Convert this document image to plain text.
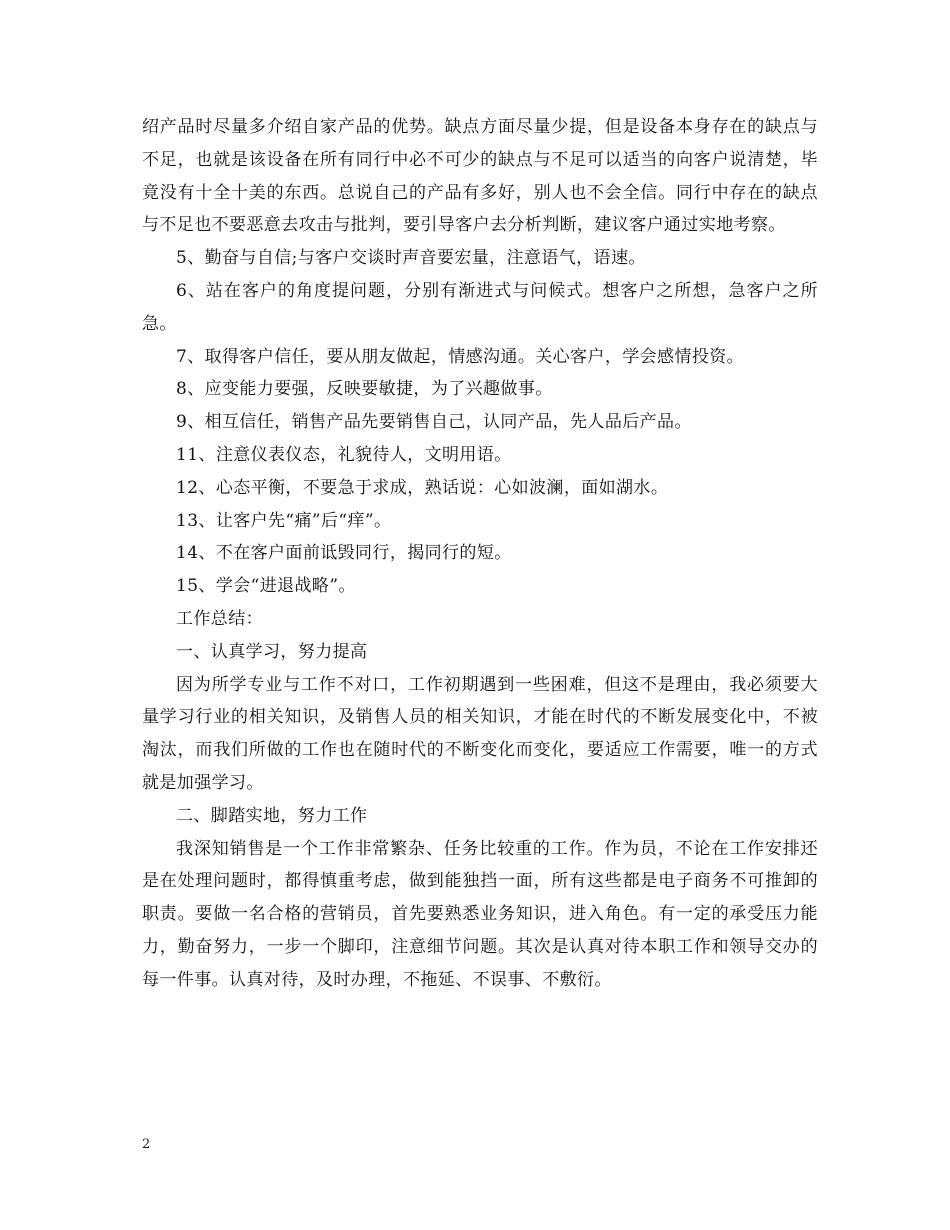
绍产品时尽量多介绍自家产品的优势。缺点方面尽量少提，但是设备本身存在的缺点与不足，也就是该设备在所有同行中必不可少的缺点与不足可以适当的向客户说清楚，毕竟没有十全十美的东西。总说自己的产品有多好，别人也不会全信。同行中存在的缺点与不足也不要恶意去攻击与批判，要引导客户去分析判断，建议客户通过实地考察。

5、勤奋与自信;与客户交谈时声音要宏量，注意语气，语速。

6、站在客户的角度提问题，分别有渐进式与问候式。想客户之所想，急客户之所急。

7、取得客户信任，要从朋友做起，情感沟通。关心客户，学会感情投资。

8、应变能力要强，反映要敏捷，为了兴趣做事。

9、相互信任，销售产品先要销售自己，认同产品，先人品后产品。

11、注意仪表仪态，礼貌待人，文明用语。

12、心态平衡，不要急于求成，熟话说：心如波澜，面如湖水。

13、让客户先“痛”后“痒”。

14、不在客户面前诋毁同行，揭同行的短。

15、学会“进退战略”。

工作总结：

一、认真学习，努力提高

因为所学专业与工作不对口，工作初期遇到一些困难，但这不是理由，我必须要大量学习行业的相关知识，及销售人员的相关知识，才能在时代的不断发展变化中，不被淘汰，而我们所做的工作也在随时代的不断变化而变化，要适应工作需要，唯一的方式就是加强学习。

二、脚踏实地，努力工作

我深知销售是一个工作非常繁杂、任务比较重的工作。作为员，不论在工作安排还是在处理问题时，都得慎重考虑，做到能独挡一面，所有这些都是电子商务不可推卸的职责。要做一名合格的营销员，首先要熟悉业务知识，进入角色。有一定的承受压力能力，勤奋努力，一步一个脚印，注意细节问题。其次是认真对待本职工作和领导交办的每一件事。认真对待，及时办理，不拖延、不误事、不敷衍。

2
